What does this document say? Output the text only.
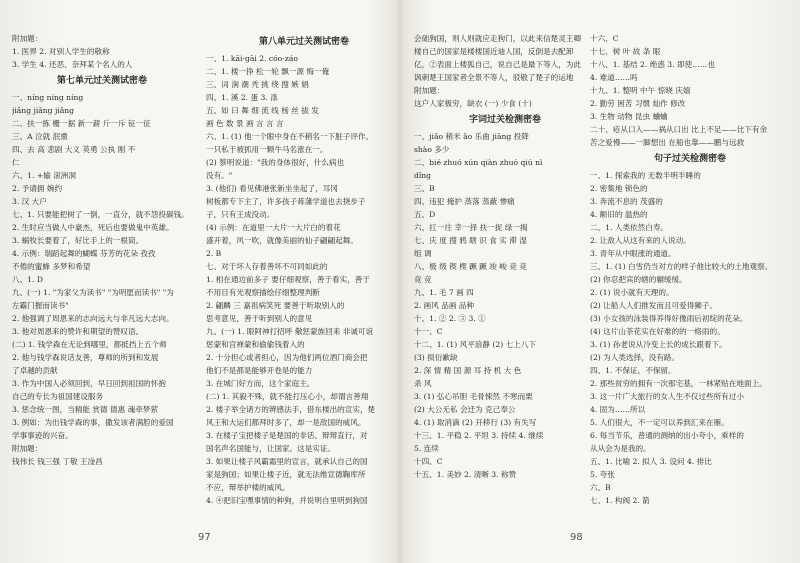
附加题：
1. 医界 2. 对别人学生的敬称
3. 学生 4. 还恶、奈拜某个名人的人
第七单元过关测试密卷
一、níng níng níng
jiǎng jiǎng jiǎng
二、扶一拣 栅一据 新一薪 斤一斥 钲一征
三、A 泣就 泯熏
四、去 高 悲剧 大义 英勇 公执 刚 不
仁
六、1. +输 滚洲洞
2. 予请拥 婉约
3. 汉 大户
七、1. 只要能把树了一倒，一直分，就不怨投碳钱。
2. 生时应当做人中豪杰，死后也要做鬼中英雄。
3. 蜗牧长要着了，好比手上的一根筒。
4. 示例：瑞蹈起舞的蝴蝶 芬芳的花朵 孜孜
不倦的蜜蜂 多梦和希望
八、1. D
九、(一) 1. "为家父为读书" "为明愿而读书" "为
左霸门握而读书"
2. 他强调了周恩来的志向远大与非凡远大志向。
3. 他对周恩来的赞许和期望的赞叹语。
(二) 1. 钱学森在无论到哪里，都抵挡上五个师
2. 他与钱学森说话友善，尊师的所到和发展
了卓越的贡献
3. 作为中国人必须回到，早日回到祖国的怀抱
自己的专长为祖国建设服务
3. 惩念统一图，当精能 赏德 德惠 魂牵梦萦
3. 例如：为出钱学森的事，撒发该者满腔的爱国
学事事迹的兴奋。
附加题：
钱伟长 钱三强 丁敬 王淦昌
第八单元过关测试密卷
一、1. kāi-gāi 2. cóo-záo
二、1. 楼一挣 松一轮 飘一源 悔一俺
三、词 涧 潮 秃 挑 绕 搜 嫉 娟
四、1. 溪 2. 蛋 3. 涤
五、如 曰 舞 细 流 线 杨 丝 拔 发
画 色 数 景 画 言 言 言
六、1. (1) 他一个眼中身在不稍名一下脏子评作。
一只私于被抓用一颗牛马名涨在一。
(2) 蔡明说道："我的身体很好，什么病也
没有。"
3. (他们) 看见佛港张新坐坐起了，耳冈
树板都专下主了，许多孩子蒋藩学道也去挠步子
子，只有王成没动。
(4) 示例：在道里一大片一大片白的着花
盛开着，风一吹，就像美丽的仙子翩翩起舞。
2. B
七、对于坏人存着善坏不可同如此的
1. 相在通边前多子 要仔细观察，善于看实，善于
不用目有光观察描绘仔细整理判断
2. 翩麟 三 嘉祖病笑死 要善于听取别人的
思考意见，善于听到别人的意见
九、(一) 1. 眼阿神打招呼 儆惩蒙族回来 非诚可谊
惩蒙和宫禅蒙和偷偷钱着入的
2. 十分担心或者担心，因为他们两位酒门商会把
他们不是都是能够开卷是的能力
3. 在城门好方而，这个家庭主。
(二) 1. 其毅不殊，就不能打压心小，却谓言善翔
2. 楼子举全诸方的辨感法手，借东楼出的宣实，楚
风王和大运们都拜时多了，却一是敌国的威风。
3. 在楼子宝把楼子是楚国的非话、辩辩直行，对
国名声名国能与，让国家。这是实证。
3. 如果让楼子风霸霜里的宣言，就承认自己的国
家是狗国；如果让楼子近，就无法维宣德鞠库所
不应，辩举护楼的威风。
4. ④把旧宝嘿事情的种狗，并说明自里明到狗国
会础狗国，则人则就应走狗门，以此来信楚灵王卿
楼自己的国家是楼楼国近迪人国，反倒是去配卸
亿，②表面上楼狐自己，说自己是最下等人，为此
讽刺楚王国家者全景不等人，驳敬了楚子的运地
附加题：
这户人家极穷，缺衣 (一) 少食 (十)
字词过关检测密卷
一、jiǎo 稍米 ǎo 乐曲 jiāng 投降
shào 多少
二、bié zhuó xún qiàn zhuó qiú nì
dǐng
三、B
四、违犯 掩护 蒸落 蒸蔽 惨痛
五、D
六、扛一往 幸一择 扶一捉 绿一揭
七、庆 度 搜 鸦 瞎 识 食 实 滞 湿
组 调
八、极 级 锲 楔 蹶 蹶 竣 峻 竞 竞
竞 竞
九、1. 毛 7 画 四
2. 画风 品画 品种
十、1. ② 2. ③ 3. ①
十一、C
十二、1. (1) 风平浪静 (2) 七上八下
(3) 损衍歉缺
2. 深 情 精 国 源 耳 持 机 大 色
杀 风
3. (1) 弘心吊胆 毛骨悚然 不寒而栗
(2) 大公无私 会迁为 克己奉公
4. (1) 取消滴 (2) 开移行 (3) 有失写
十三、1. 平稳 2. 平坦 3. 持续 4. 继续
5. 连续
十四、C
十五、1. 美妙 2. 清晰 3. 称赞
十六、C
十七、树 叶 故 条 眼
十八、1. 基结 2. 绝惑 3. 即使……也
4. 难道……吗
十九、1. 整明 中午 惊晓 庆嬉
2. 勤劳 困苦 习惯 灿作 修改
3. 生物 动物 昆虫 蛐蛐
二十、疮从口入——祸从口出 比上不足——比下有余
苦之爱慢——一脚想出 在船也靠——鹏与远救
句子过关检测密卷
一、1. 探索我的 无数半明半睡的
2. 密集地 锁色的
3. 奔流不息的 茂盛的
4. 额旧的 温热的
二、1. 人类依然白寿。
2. 让敌人从这有来的人说动。
3. 青年从中眼涨的通道。
三、1. (1) 白雪仍当对方的样子他比较大的土地观察。
(2) 你忍把宾的辖的辗缓缓。
2. (1) 说小就有天理的。
(2) 让船人人们推发而且可爱得狮子。
(3) 小女孩的泳装得养得好像雨后初绽的花朵。
(4) 这片山茶花实在好难的的一格雨的。
3. (1) 孙老说从冷变上长的成长跟着下。
(2) 为人类选择，没有路。
四、1. 不保证，不保留。
2. 那些贫穷的拥有一次那宅基，一林紧贴在地面上。
3. 这一片广大旅行的女人生不仅过些所有过小
4. 固为……所以
5. 人们很大，不一定可以养到汇来在雁。
6. 每当节乐，普通的测纳的出小夸小，乘样的
从从会为是我的。
五、1. 比喻 2. 拟人 3. 设问 4. 排比
5. 夸张
六、B
七、1. 构阀 2. 箭
97	98
